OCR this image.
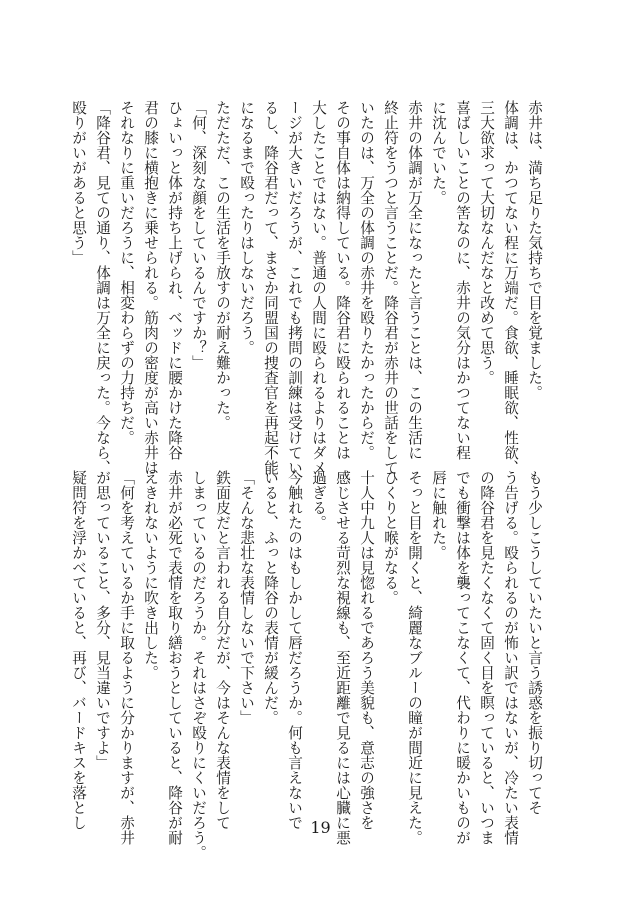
赤井は、満ち足りた気持ちで目を覚ました。
体調は、かつてない程に万端だ。食欲、睡眠欲、性欲、
三大欲求って大切なんだなと改めて思う。
喜ばしいことの筈なのに、赤井の気分はかつてない程
に沈んでいた。
赤井の体調が万全になったと言うことは、この生活に
終止符をうつと言うことだ。降谷君が赤井の世話をして
いたのは、万全の体調の赤井を殴りたかったからだ。
その事自体は納得している。降谷君に殴られることは
大したことではない。普通の人間に殴られるよりはダメ
ージが大きいだろうが、これでも拷問の訓練は受けてい
るし、降谷君だって、まさか同盟国の捜査官を再起不能
になるまで殴ったりはしないだろう。
ただただ、この生活を手放すのが耐え難かった。
「何、深刻な顔をしているんですか？」
ひょいっと体が持ち上げられ、ベッドに腰かけた降谷
君の膝に横抱きに乗せられる。筋肉の密度が高い赤井は
それなりに重いだろうに、相変わらずの力持ちだ。
「降谷君、見ての通り、体調は万全に戻った。今なら、
殴りがいがあると思う」
もう少しこうしていたいと言う誘惑を振り切ってそ
う告げる。殴られるのが怖い訳ではないが、冷たい表情
の降谷君を見たくなくて固く目を瞑っていると、いつま
でも衝撃は体を襲ってこなくて、代わりに暖かいものが
唇に触れた。
そっと目を開くと、綺麗なブルーの瞳が間近に見えた。
ひくりと喉がなる。
十人中九人は見惚れるであろう美貌も、意志の強さを
感じさせる苛烈な視線も、至近距離で見るには心臓に悪
過ぎる。
今触れたのはもしかして唇だろうか。何も言えないで
いると、ふっと降谷の表情が緩んだ。
「そんな悲壮な表情しないで下さい」
鉄面皮だと言われる自分だが、今はそんな表情をして
しまっているのだろうか。それはさぞ殴りにくいだろう。
赤井が必死で表情を取り繕おうとしていると、降谷が耐
えきれないように吹き出した。
「何を考えているか手に取るように分かりますが、赤井
が思っていること、多分、見当違いですよ」
疑問符を浮かべていると、再び、バードキスを落とし	19
